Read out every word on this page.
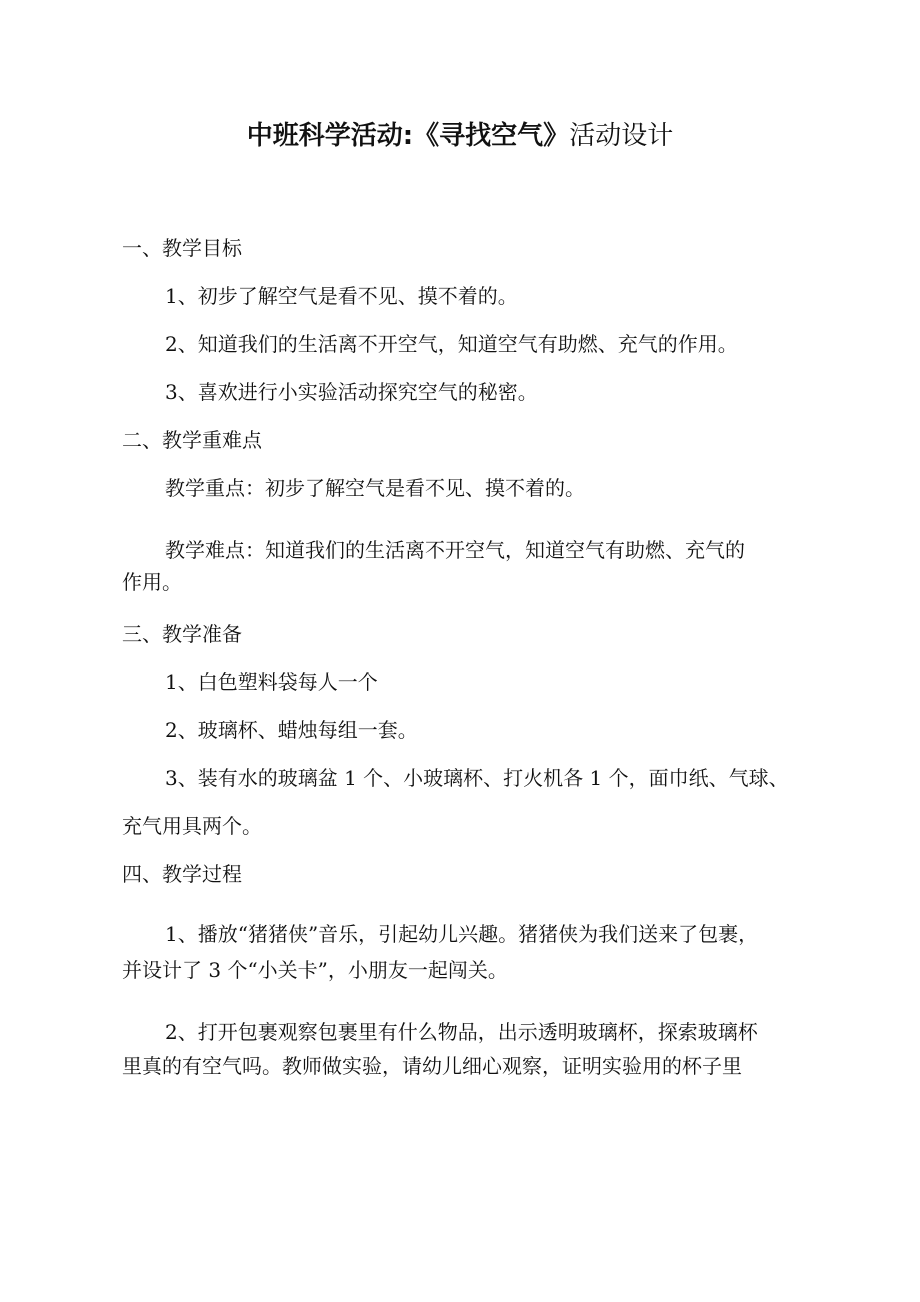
中班科学活动:《寻找空气》活动设计
一、教学目标
1、初步了解空气是看不见、摸不着的。
2、知道我们的生活离不开空气，知道空气有助燃、充气的作用。
3、喜欢进行小实验活动探究空气的秘密。
二、教学重难点
教学重点：初步了解空气是看不见、摸不着的。
教学难点：知道我们的生活离不开空气，知道空气有助燃、充气的
作用。
三、教学准备
1、白色塑料袋每人一个
2、玻璃杯、蜡烛每组一套。
3、装有水的玻璃盆 1 个、小玻璃杯、打火机各 1 个，面巾纸、气球、
充气用具两个。
四、教学过程
1、播放“猪猪侠”音乐，引起幼儿兴趣。猪猪侠为我们送来了包裹，
并设计了 3 个“小关卡”，小朋友一起闯关。
2、打开包裹观察包裹里有什么物品，出示透明玻璃杯，探索玻璃杯
里真的有空气吗。教师做实验，请幼儿细心观察，证明实验用的杯子里
